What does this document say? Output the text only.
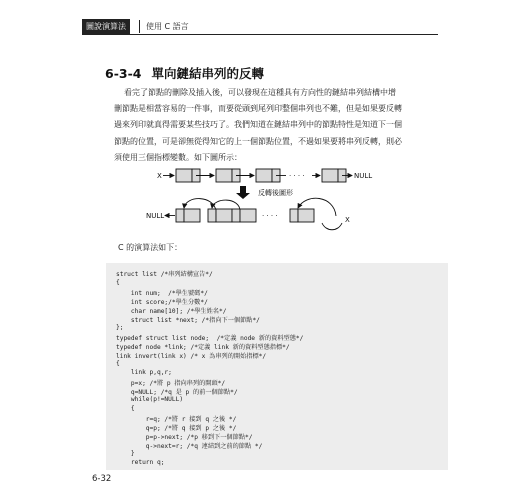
圖說演算法	使用 C 語言
6-3-4 單向鏈結串列的反轉

看完了節點的刪除及插入後，可以發現在這種具有方向性的鏈結串列結構中增

刪節點是相當容易的一件事，而要從頭到尾列印整個串列也不難，但是如果要反轉

過來列印就真得需要某些技巧了。我們知道在鏈結串列中的節點特性是知道下一個

節點的位置，可是卻無從得知它的上一個節點位置，不過如果要將串列反轉，則必

須使用三個指標變數。如下圖所示：

X	· · · ·	NULL
反轉後圖形
NULL	· · · ·	X
C 的演算法如下：
struct list /*串列結構宣告*/
{
int num;  /*學生號碼*/
int score;/*學生分數*/
char name[10]; /*學生姓名*/
struct list *next; /*指向下一個節點*/
};
typedef struct list node;  /*定義 node 新的資料型態*/
typedef node *link; /*定義 link 新的資料型態指標*/
link invert(link x) /* x 為串列的開始指標*/
{
link p,q,r;
p=x; /*將 p 指向串列的開頭*/
q=NULL; /*q 是 p 的前一個節點*/
while(p!=NULL)
{
r=q; /*將 r 接到 q 之後 */
q=p; /*將 q 接到 p 之後 */
p=p->next; /*p 移到下一個節點*/
q->next=r; /*q 連結到之前的節點 */
}
return q;
6-32
